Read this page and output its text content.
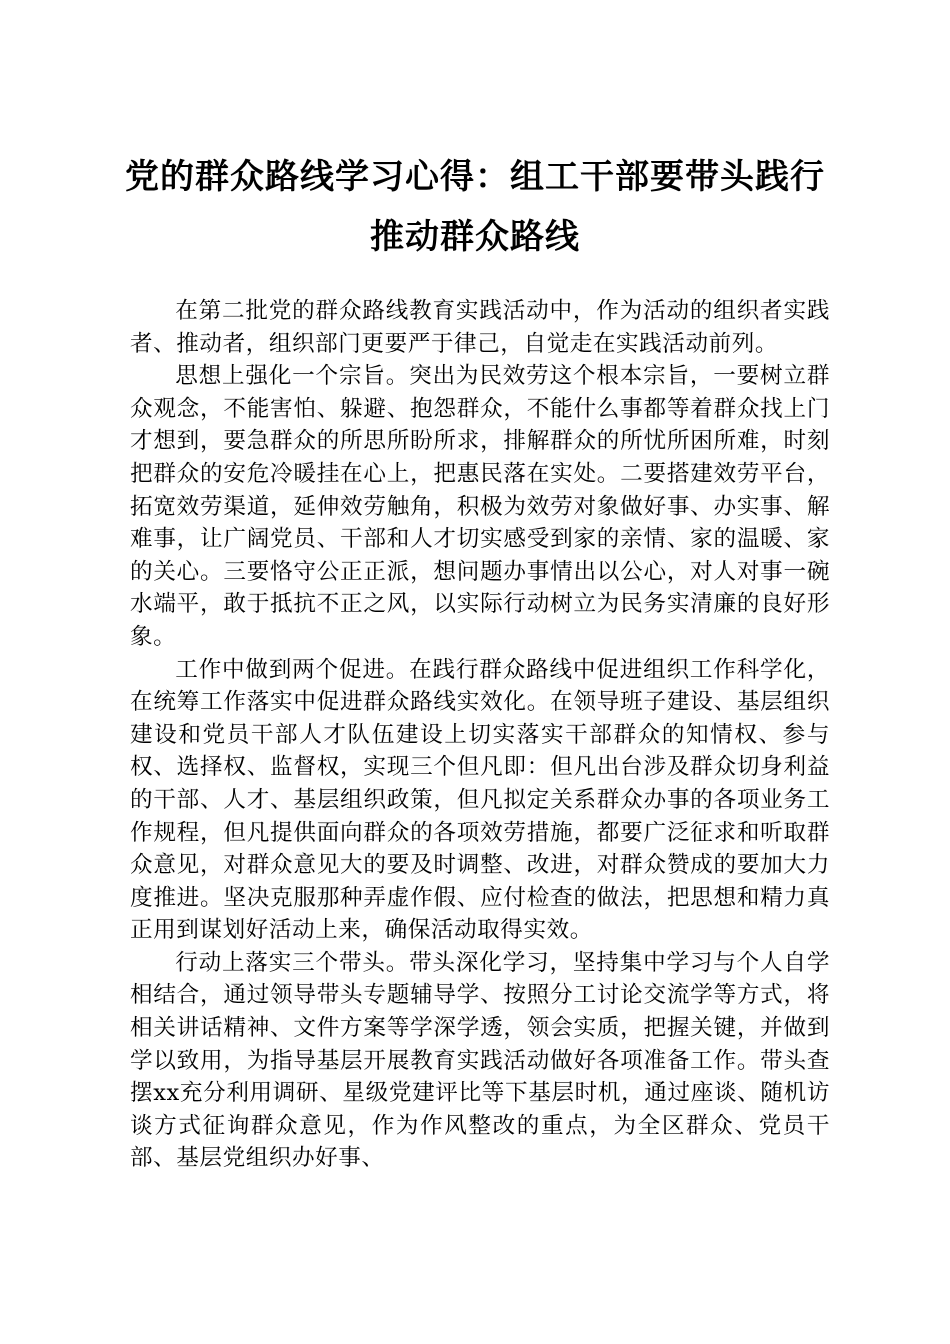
党的群众路线学习心得：组工干部要带头践行
推动群众路线

在第二批党的群众路线教育实践活动中，作为活动的组织者实践者、推动者，组织部门更要严于律己，自觉走在实践活动前列。

思想上强化一个宗旨。突出为民效劳这个根本宗旨，一要树立群众观念，不能害怕、躲避、抱怨群众，不能什么事都等着群众找上门才想到，要急群众的所思所盼所求，排解群众的所忧所困所难，时刻把群众的安危冷暖挂在心上，把惠民落在实处。二要搭建效劳平台，拓宽效劳渠道，延伸效劳触角，积极为效劳对象做好事、办实事、解难事，让广阔党员、干部和人才切实感受到家的亲情、家的温暖、家的关心。三要恪守公正正派，想问题办事情出以公心，对人对事一碗水端平，敢于抵抗不正之风，以实际行动树立为民务实清廉的良好形象。

工作中做到两个促进。在践行群众路线中促进组织工作科学化，在统筹工作落实中促进群众路线实效化。在领导班子建设、基层组织建设和党员干部人才队伍建设上切实落实干部群众的知情权、参与权、选择权、监督权，实现三个但凡即：但凡出台涉及群众切身利益的干部、人才、基层组织政策，但凡拟定关系群众办事的各项业务工作规程，但凡提供面向群众的各项效劳措施，都要广泛征求和听取群众意见，对群众意见大的要及时调整、改进，对群众赞成的要加大力度推进。坚决克服那种弄虚作假、应付检查的做法，把思想和精力真正用到谋划好活动上来，确保活动取得实效。

行动上落实三个带头。带头深化学习，坚持集中学习与个人自学相结合，通过领导带头专题辅导学、按照分工讨论交流学等方式，将相关讲话精神、文件方案等学深学透，领会实质，把握关键，并做到学以致用，为指导基层开展教育实践活动做好各项准备工作。带头查摆xx充分利用调研、星级党建评比等下基层时机，通过座谈、随机访谈方式征询群众意见，作为作风整改的重点，为全区群众、党员干部、基层党组织办好事、
